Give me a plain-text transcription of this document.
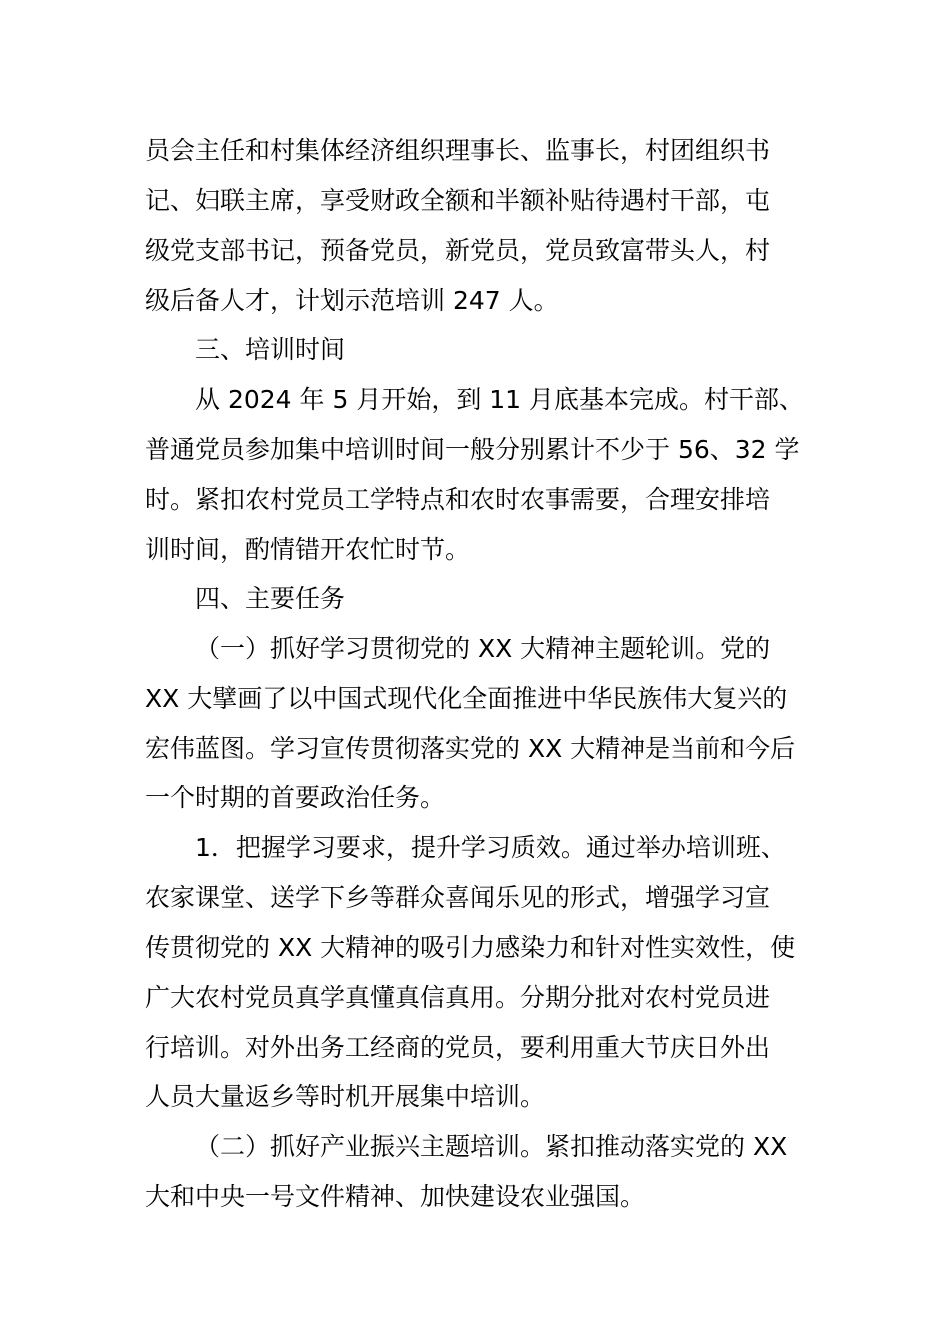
员会主任和村集体经济组织理事长、监事长，村团组织书
记、妇联主席，享受财政全额和半额补贴待遇村干部，屯
级党支部书记，预备党员，新党员，党员致富带头人，村
级后备人才，计划示范培训 247 人。
三、培训时间
从 2024 年 5 月开始，到 11 月底基本完成。村干部、
普通党员参加集中培训时间一般分别累计不少于 56、32 学
时。紧扣农村党员工学特点和农时农事需要，合理安排培
训时间，酌情错开农忙时节。
四、主要任务
（一）抓好学习贯彻党的 XX 大精神主题轮训。党的
XX 大擘画了以中国式现代化全面推进中华民族伟大复兴的
宏伟蓝图。学习宣传贯彻落实党的 XX 大精神是当前和今后
一个时期的首要政治任务。
1．把握学习要求，提升学习质效。通过举办培训班、
农家课堂、送学下乡等群众喜闻乐见的形式，增强学习宣
传贯彻党的 XX 大精神的吸引力感染力和针对性实效性，使
广大农村党员真学真懂真信真用。分期分批对农村党员进
行培训。对外出务工经商的党员，要利用重大节庆日外出
人员大量返乡等时机开展集中培训。
（二）抓好产业振兴主题培训。紧扣推动落实党的 XX
大和中央一号文件精神、加快建设农业强国。
